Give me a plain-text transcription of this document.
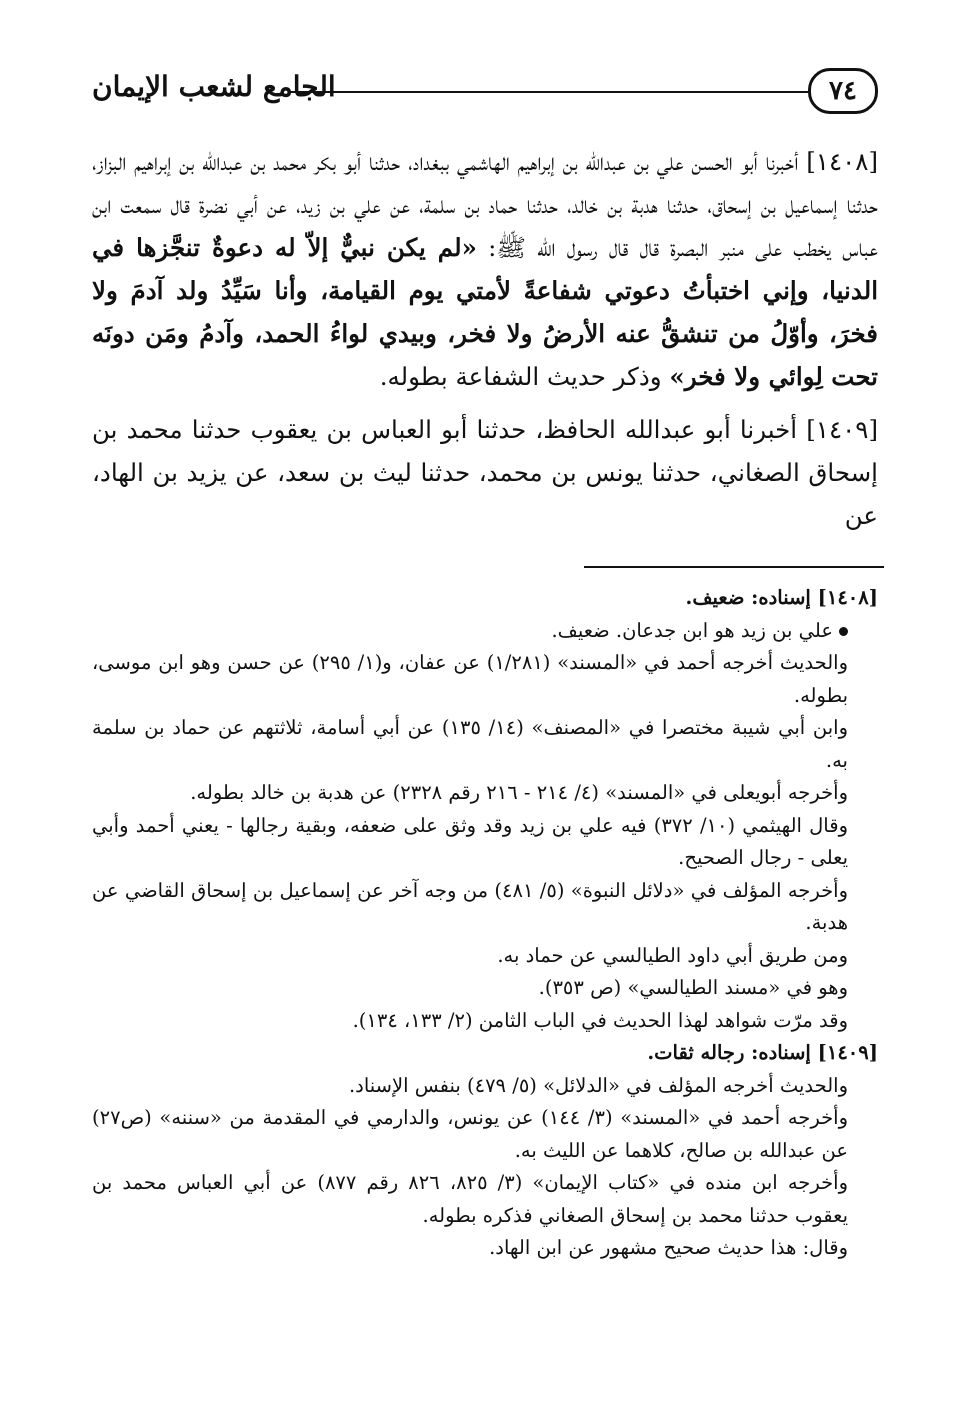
٧٤
الجامع لشعب الإيمان

[١٤٠٨] أخبرنا أبو الحسن علي بن عبدالله بن إبراهيم الهاشمي ببغداد، حدثنا أبو بكر محمد بن عبدالله بن إبراهيم البزاز، حدثنا إسماعيل بن إسحاق، حدثنا هدبة بن خالد، حدثنا حماد بن سلمة، عن علي بن زيد، عن أبي نضرة قال سمعت ابن عباس يخطب على منبر البصرة قال قال رسول الله ﷺ: «لم يكن نبيٌّ إلاّ له دعوةٌ تنجَّزها في الدنيا، وإني اختبأتُ دعوتي شفاعةً لأمتي يوم القيامة، وأنا سَيِّدُ ولد آدمَ ولا فخرَ، وأوّلُ من تنشقُّ عنه الأرضُ ولا فخر، وبيدي لواءُ الحمد، وآدمُ ومَن دونَه تحت لِوائي ولا فخر» وذكر حديث الشفاعة بطوله.

[١٤٠٩] أخبرنا أبو عبدالله الحافظ، حدثنا أبو العباس بن يعقوب حدثنا محمد بن إسحاق الصغاني، حدثنا يونس بن محمد، حدثنا ليث بن سعد، عن يزيد بن الهاد، عن

[١٤٠٨] إسناده: ضعيف.

علي بن زيد هو ابن جدعان. ضعيف.

والحديث أخرجه أحمد في «المسند» (١/٢٨١) عن عفان، و(١/ ٢٩٥) عن حسن وهو ابن موسى، بطوله.

وابن أبي شيبة مختصرا في «المصنف» (١٤/ ١٣٥) عن أبي أسامة، ثلاثتهم عن حماد بن سلمة به.

وأخرجه أبويعلى في «المسند» (٤/ ٢١٤ - ٢١٦ رقم ٢٣٢٨) عن هدبة بن خالد بطوله.

وقال الهيثمي (١٠/ ٣٧٢) فيه علي بن زيد وقد وثق على ضعفه، وبقية رجالها - يعني أحمد وأبي يعلى - رجال الصحيح.

وأخرجه المؤلف في «دلائل النبوة» (٥/ ٤٨١) من وجه آخر عن إسماعيل بن إسحاق القاضي عن هدبة.

ومن طريق أبي داود الطيالسي عن حماد به.

وهو في «مسند الطيالسي» (ص ٣٥٣).

وقد مرّت شواهد لهذا الحديث في الباب الثامن (٢/ ١٣٣، ١٣٤).

[١٤٠٩] إسناده: رجاله ثقات.

والحديث أخرجه المؤلف في «الدلائل» (٥/ ٤٧٩) بنفس الإسناد.

وأخرجه أحمد في «المسند» (٣/ ١٤٤) عن يونس، والدارمي في المقدمة من «سننه» (ص٢٧) عن عبدالله بن صالح، كلاهما عن الليث به.

وأخرجه ابن منده في «كتاب الإيمان» (٣/ ٨٢٥، ٨٢٦ رقم ٨٧٧) عن أبي العباس محمد بن يعقوب حدثنا محمد بن إسحاق الصغاني فذكره بطوله.

وقال: هذا حديث صحيح مشهور عن ابن الهاد.
